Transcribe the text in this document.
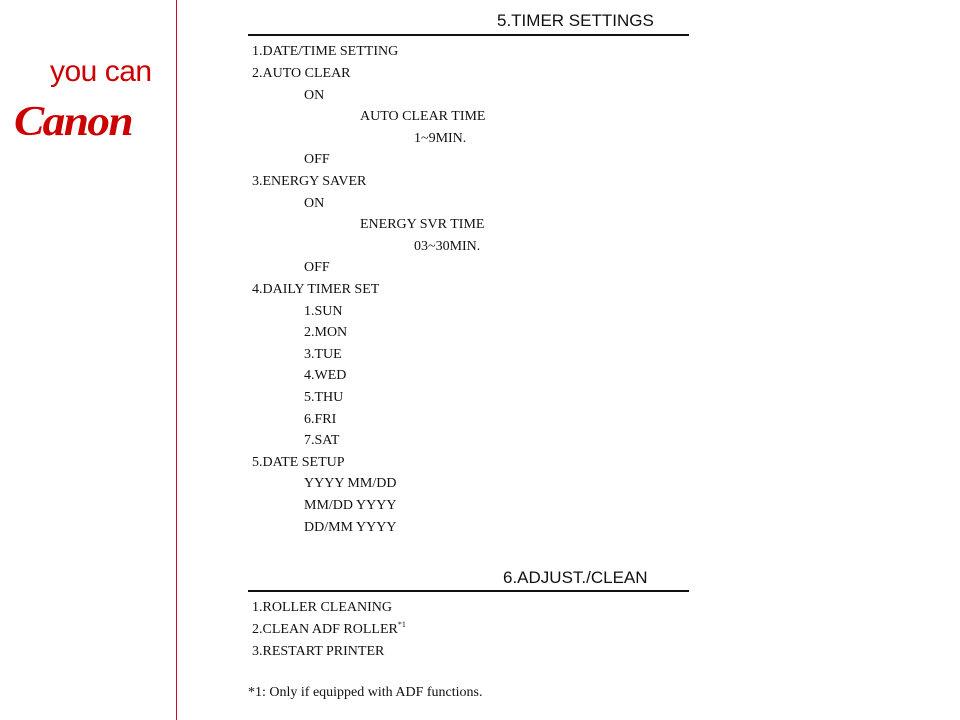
you can
Canon
5.TIMER SETTINGS
1.DATE/TIME SETTING
2.AUTO CLEAR
ON
AUTO CLEAR TIME
1~9MIN.
OFF
3.ENERGY SAVER
ON
ENERGY SVR TIME
03~30MIN.
OFF
4.DAILY TIMER SET
1.SUN
2.MON
3.TUE
4.WED
5.THU
6.FRI
7.SAT
5.DATE SETUP
YYYY MM/DD
MM/DD YYYY
DD/MM YYYY
6.ADJUST./CLEAN
1.ROLLER CLEANING
2.CLEAN ADF ROLLER$^{*1}$
3.RESTART PRINTER
*1: Only if equipped with ADF functions.
